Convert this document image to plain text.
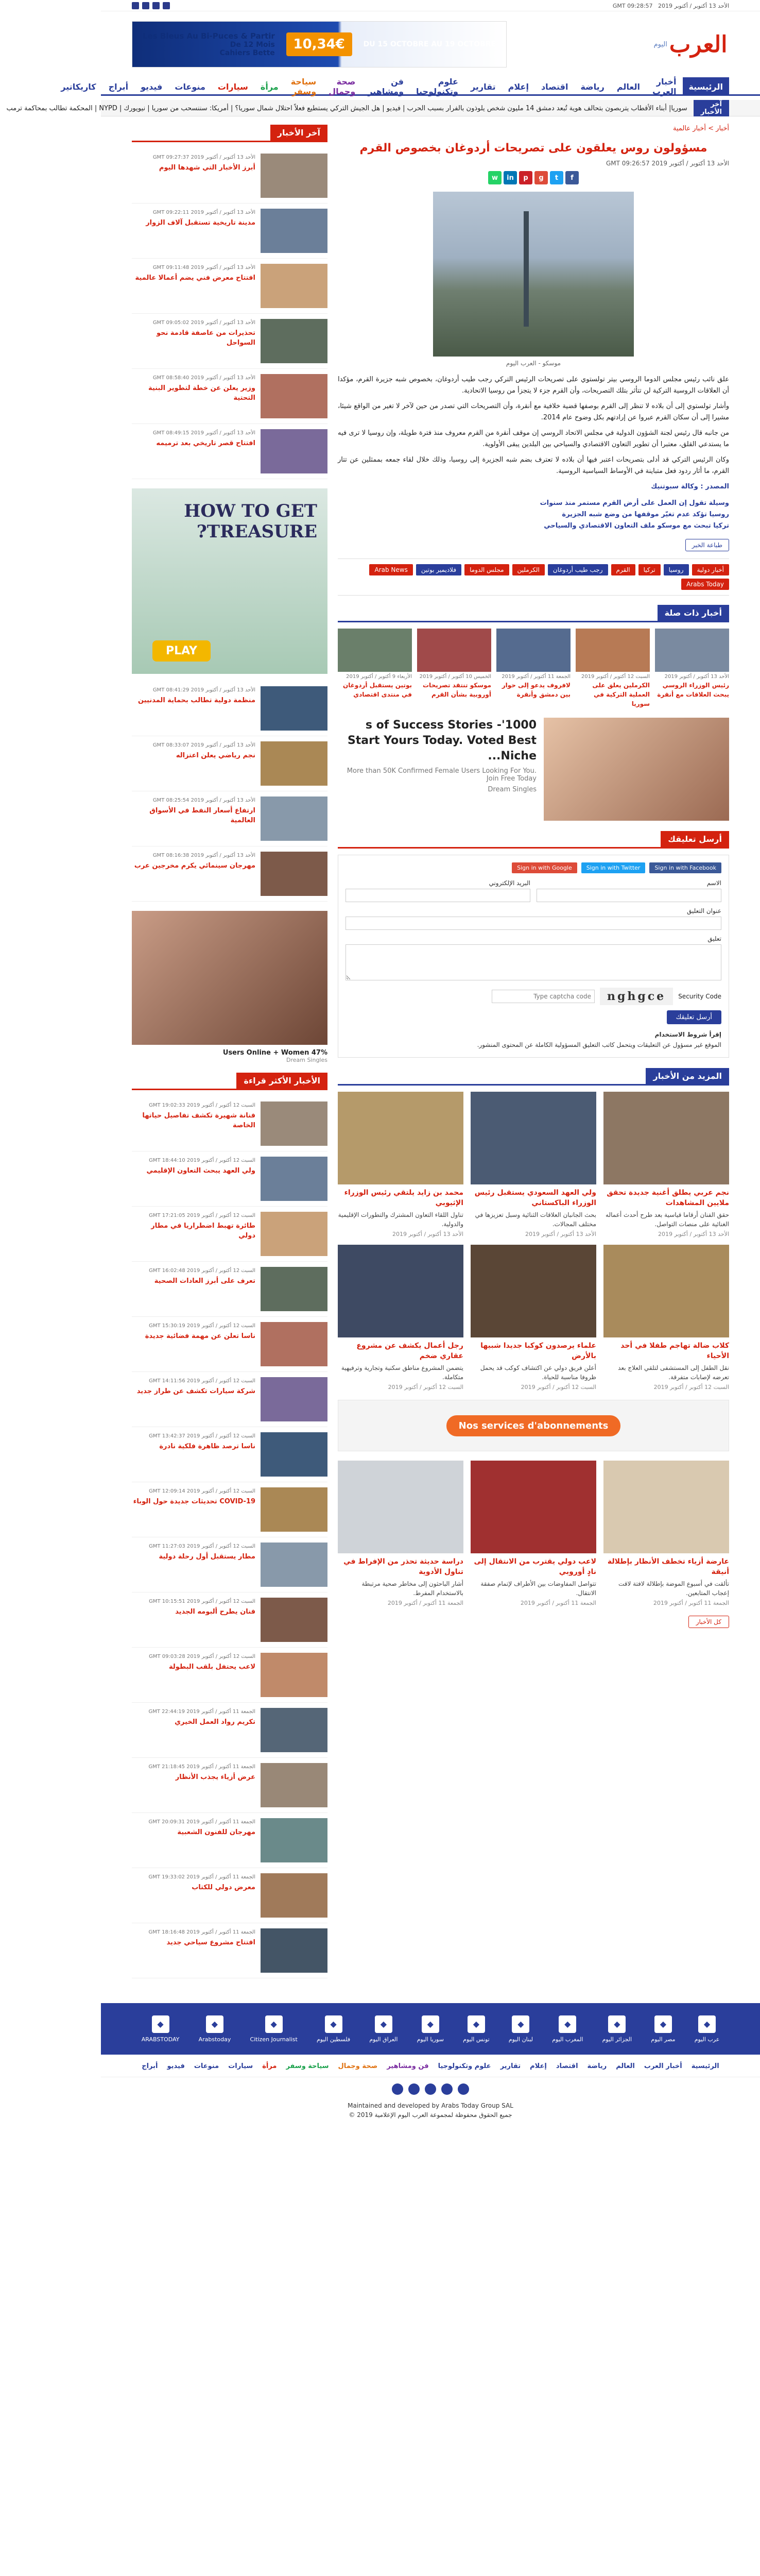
الأحد 13 أكتوبر / أكتوبر 2019   GMT 09:28:57
العرب
اليوم
DU 15 OCTOBRE AU 19 OCTOBRE
10,34€
Les Bleus Au Bi-Puces & Partir
De 12 Mois
Cahiers Bette
الرئيسية
أخبار العرب
العالم
رياضة
اقتصاد
إعلام
تقارير
علوم وتكنولوجيا
فن ومشاهير
صحة وجمال
سياحة وسفر
مرأة
سيارات
منوعات
فيديو
أبراج
كاريكاتير
آخر الأخبار
سوريا| أبناء الأقطاب يتربصون بتحالف هوية تُبعد دمشق 14 مليون شخص يلوذون بالفرار بسبب الحرب | فيديو | هل الجيش التركي يستطيع فعلاً احتلال شمال سوريا؟ | أمريكا: سننسحب من سوريا | نيويورك | NYPD | المحكمة تطالب بمحاكمة ترمب
أخبار > أخبار عالمية
مسؤولون روس يعلقون على تصريحات أردوغان بخصوص القرم
الأحد 13 أكتوبر / أكتوبر 2019 GMT 09:26:57
f
t
g
p
in
w
موسكو - العرب اليوم

علق نائب رئيس مجلس الدوما الروسي بيتر تولستوي على تصريحات الرئيس التركي رجب طيب أردوغان، بخصوص شبه جزيرة القرم، مؤكدا أن العلاقات الروسية التركية لن تتأثر بتلك التصريحات، وأن القرم جزء لا يتجزأ من روسيا الاتحادية.

وأشار تولستوي إلى أن بلاده لا تنظر إلى القرم بوصفها قضية خلافية مع أنقرة، وأن التصريحات التي تصدر من حين لآخر لا تغير من الواقع شيئا، مشيرا إلى أن سكان القرم عبروا عن إرادتهم بكل وضوح عام 2014.

من جانبه قال رئيس لجنة الشؤون الدولية في مجلس الاتحاد الروسي إن موقف أنقرة من القرم معروف منذ فترة طويلة، وإن روسيا لا ترى فيه ما يستدعي القلق، معتبرا أن تطوير التعاون الاقتصادي والسياحي بين البلدين يبقى الأولوية.

وكان الرئيس التركي قد أدلى بتصريحات اعتبر فيها أن بلاده لا تعترف بضم شبه الجزيرة إلى روسيا، وذلك خلال لقاء جمعه بممثلين عن تتار القرم، ما أثار ردود فعل متباينة في الأوساط السياسية الروسية.

المصدر : وكالة سبوتنيك

وسيلة تقول إن العمل على أرض القرم مستمر منذ سنوات
روسيا تؤكد عدم تغيّر موقفها من وضع شبه الجزيرة
تركيا تبحث مع موسكو ملف التعاون الاقتصادي والسياحي
طباعة الخبر
أخبار دولية
روسيا
تركيا
القرم
رجب طيب أردوغان
الكرملين
مجلس الدوما
فلاديمير بوتين
Arab News
Arabs Today
أخبار ذات صلة
الأحد 13 أكتوبر / أكتوبر 2019
رئيس الوزراء الروسي يبحث العلاقات مع أنقرة
السبت 12 أكتوبر / أكتوبر 2019
الكرملين يعلق على العملية التركية في سوريا
الجمعة 11 أكتوبر / أكتوبر 2019
لافروف يدعو إلى حوار بين دمشق وأنقرة
الخميس 10 أكتوبر / أكتوبر 2019
موسكو تنتقد تصريحات أوروبية بشأن القرم
الأربعاء 9 أكتوبر / أكتوبر 2019
بوتين يستقبل أردوغان في منتدى اقتصادي
1000's of Success Stories - Start Yours Today. Voted Best Niche...
More than 50K Confirmed Female Users Looking For You. Join Free Today
Dream Singles
أرسل تعليقك
Sign in with Facebook
Sign in with Twitter
Sign in with Google
الاسم
البريد الإلكتروني
عنوان التعليق
تعليق
Security Code
nghgce
Type captcha code
أرسل تعليقك
إقرأ شروط الاستخدام
الموقع غير مسؤول عن التعليقات ويتحمل كاتب التعليق المسؤولية الكاملة عن المحتوى المنشور.
المزيد من الأخبار
نجم عربي يطلق أغنية جديدة تحقق ملايين المشاهدات
حقق الفنان أرقاما قياسية بعد طرح أحدث أعماله الغنائية على منصات التواصل.
الأحد 13 أكتوبر / أكتوبر 2019
ولي العهد السعودي يستقبل رئيس الوزراء الباكستاني
بحث الجانبان العلاقات الثنائية وسبل تعزيزها في مختلف المجالات.
الأحد 13 أكتوبر / أكتوبر 2019
محمد بن زايد يلتقي رئيس الوزراء الإثيوبي
تناول اللقاء التعاون المشترك والتطورات الإقليمية والدولية.
الأحد 13 أكتوبر / أكتوبر 2019
كلاب ضالة تهاجم طفلا في أحد الأحياء
نقل الطفل إلى المستشفى لتلقي العلاج بعد تعرضه لإصابات متفرقة.
السبت 12 أكتوبر / أكتوبر 2019
علماء يرصدون كوكبا جديدا شبيها بالأرض
أعلن فريق دولي عن اكتشاف كوكب قد يحمل ظروفا مناسبة للحياة.
السبت 12 أكتوبر / أكتوبر 2019
رجل أعمال يكشف عن مشروع عقاري ضخم
يتضمن المشروع مناطق سكنية وتجارية وترفيهية متكاملة.
السبت 12 أكتوبر / أكتوبر 2019
Nos services d'abonnements
عارضة أزياء تخطف الأنظار بإطلالة أنيقة
تألقت في أسبوع الموضة بإطلالة لافتة لاقت إعجاب المتابعين.
الجمعة 11 أكتوبر / أكتوبر 2019
لاعب دولي يقترب من الانتقال إلى نادٍ أوروبي
تتواصل المفاوضات بين الأطراف لإتمام صفقة الانتقال.
الجمعة 11 أكتوبر / أكتوبر 2019
دراسة حديثة تحذر من الإفراط في تناول الأدوية
أشار الباحثون إلى مخاطر صحية مرتبطة بالاستخدام المفرط.
الجمعة 11 أكتوبر / أكتوبر 2019
كل الأخبار
آخر الأخبار
الأحد 13 أكتوبر / أكتوبر 2019 GMT 09:27:37
أبرز الأخبار التي شهدها اليوم
الأحد 13 أكتوبر / أكتوبر 2019 GMT 09:22:11
مدينة تاريخية تستقبل آلاف الزوار
الأحد 13 أكتوبر / أكتوبر 2019 GMT 09:11:48
افتتاح معرض فني يضم أعمالا عالمية
الأحد 13 أكتوبر / أكتوبر 2019 GMT 09:05:02
تحذيرات من عاصفة قادمة نحو السواحل
الأحد 13 أكتوبر / أكتوبر 2019 GMT 08:58:40
وزير يعلن عن خطة لتطوير البنية التحتية
الأحد 13 أكتوبر / أكتوبر 2019 GMT 08:49:15
افتتاح قصر تاريخي بعد ترميمه
HOW TO GET TREASURE?
PLAY
الأحد 13 أكتوبر / أكتوبر 2019 GMT 08:41:29
منظمة دولية تطالب بحماية المدنيين
الأحد 13 أكتوبر / أكتوبر 2019 GMT 08:33:07
نجم رياضي يعلن اعتزاله
الأحد 13 أكتوبر / أكتوبر 2019 GMT 08:25:54
ارتفاع أسعار النفط في الأسواق العالمية
الأحد 13 أكتوبر / أكتوبر 2019 GMT 08:16:38
مهرجان سينمائي يكرم مخرجين عرب
47% Users Online + Women
Dream Singles
الأخبار الأكثر قراءة
السبت 12 أكتوبر / أكتوبر 2019 GMT 19:02:33
فنانة شهيرة تكشف تفاصيل حياتها الخاصة
السبت 12 أكتوبر / أكتوبر 2019 GMT 18:44:10
ولي العهد يبحث التعاون الإقليمي
السبت 12 أكتوبر / أكتوبر 2019 GMT 17:21:05
طائرة تهبط اضطراريا في مطار دولي
السبت 12 أكتوبر / أكتوبر 2019 GMT 16:02:48
تعرف على أبرز العادات الصحية
السبت 12 أكتوبر / أكتوبر 2019 GMT 15:30:19
ناسا تعلن عن مهمة فضائية جديدة
السبت 12 أكتوبر / أكتوبر 2019 GMT 14:11:56
شركة سيارات تكشف عن طراز جديد
السبت 12 أكتوبر / أكتوبر 2019 GMT 13:42:37
ناسا ترصد ظاهرة فلكية نادرة
السبت 12 أكتوبر / أكتوبر 2019 GMT 12:09:14
COVID-19 تحديثات جديدة حول الوباء
السبت 12 أكتوبر / أكتوبر 2019 GMT 11:27:03
مطار يستقبل أول رحلة دولية
السبت 12 أكتوبر / أكتوبر 2019 GMT 10:15:51
فنان يطرح ألبومه الجديد
السبت 12 أكتوبر / أكتوبر 2019 GMT 09:03:28
لاعب يحتفل بلقب البطولة
الجمعة 11 أكتوبر / أكتوبر 2019 GMT 22:44:19
تكريم رواد العمل الخيري
الجمعة 11 أكتوبر / أكتوبر 2019 GMT 21:18:45
عرض أزياء يجذب الأنظار
الجمعة 11 أكتوبر / أكتوبر 2019 GMT 20:09:31
مهرجان للفنون الشعبية
الجمعة 11 أكتوبر / أكتوبر 2019 GMT 19:33:02
معرض دولي للكتاب
الجمعة 11 أكتوبر / أكتوبر 2019 GMT 18:16:48
افتتاح مشروع سياحي جديد
◆
عرب اليوم
◆
مصر اليوم
◆
الجزائر اليوم
◆
المغرب اليوم
◆
لبنان اليوم
◆
تونس اليوم
◆
سوريا اليوم
◆
العراق اليوم
◆
فلسطين اليوم
◆
Citizen Journalist
◆
Arabstoday
◆
ARABSTODAY
الرئيسية
أخبار العرب
العالم
رياضة
اقتصاد
إعلام
تقارير
علوم وتكنولوجيا
فن ومشاهير
صحة وجمال
سياحة وسفر
مرأة
سيارات
منوعات
فيديو
أبراج
Maintained and developed by Arabs Today Group SAL
جميع الحقوق محفوظة لمجموعة العرب اليوم الإعلامية 2019 ©
